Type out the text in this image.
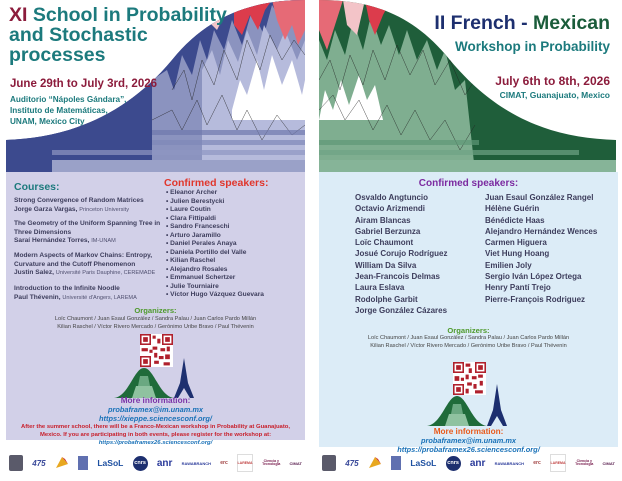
XI School in Probability and Stochastic processes
June 29th to July 3rd, 2026
Auditorio “Nápoles Gándara”,
Instituto de Matemáticas,
UNAM, Mexico City
Courses:
Strong Convergence of Random Matrices
Jorge Garza Vargas, Princeton University
The Geometry of the Uniform Spanning Tree in Three Dimensions
Saraí Hernández Torres, IM-UNAM
Modern Aspects of Markov Chains: Entropy, Curvature and the Cutoff Phenomenon
Justin Salez, Université Paris Dauphine, CEREMADE
Introduction to the Infinite Noodle
Paul Thévenin, Université d'Angers, LAREMA
Confirmed speakers:
• Eleanor Archer
• Julien Berestycki
• Laure Coutin
• Clara Fittipaldi
• Sandro Franceschi
• Arturo Jaramillo
• Daniel Perales Anaya
• Daniela Portillo del Valle
• Kilian Raschel
• Alejandro Rosales
• Emmanuel Schertzer
• Julie Tourniaire
• Víctor Hugo Vázquez Guevara
Organizers:
Loïc Chaumont / Juan Esaul González / Sandra Palau / Juan Carlos Pardo Millán
Kilian Raschel / Víctor Rivero Mercado / Gerónimo Uribe Bravo / Paul Thévenin
More information:
probaframex@im.unam.mx
https://xieppe.sciencesconf.org/
After the summer school, there will be a Franco-Mexican workshop in Probability at Guanajuato, Mexico. If you are participating in both events, please register for the workshop at: https://probaframex26.sciencesconf.org/
475	LaSoL	cnrs anr RAWABRANCH erc	LAREMA
Ciencia y Tecnología CIMAT
II French - Mexican
Workshop in Probability
July 6th to 8th, 2026
CIMAT, Guanajuato, Mexico
Confirmed speakers:
Osvaldo Angtuncio
Octavio Arizmendi
Airam Blancas
Gabriel Berzunza
Loïc Chaumont
Josué Corujo Rodríguez
William Da Silva
Jean-Francois Delmas
Laura Eslava
Rodolphe Garbit
Jorge González Cázares
Juan Esaul González Rangel
Hélène Guérin
Bénédicte Haas
Alejandro Hernández Wences
Carmen Higuera
Viet Hung Hoang
Emilien Joly
Sergio Iván López Ortega
Henry Pantí Trejo
Pierre-François Rodriguez
Organizers:
Loïc Chaumont / Juan Esaul González / Sandra Palau / Juan Carlos Pardo Millán
Kilian Raschel / Víctor Rivero Mercado / Gerónimo Uribe Bravo / Paul Thévenin
More information:
probaframex@im.unam.mx
https://probaframex26.sciencesconf.org/
475	LaSoL	cnrs anr RAWABRANCH erc	LAREMA
Ciencia y Tecnología CIMAT
